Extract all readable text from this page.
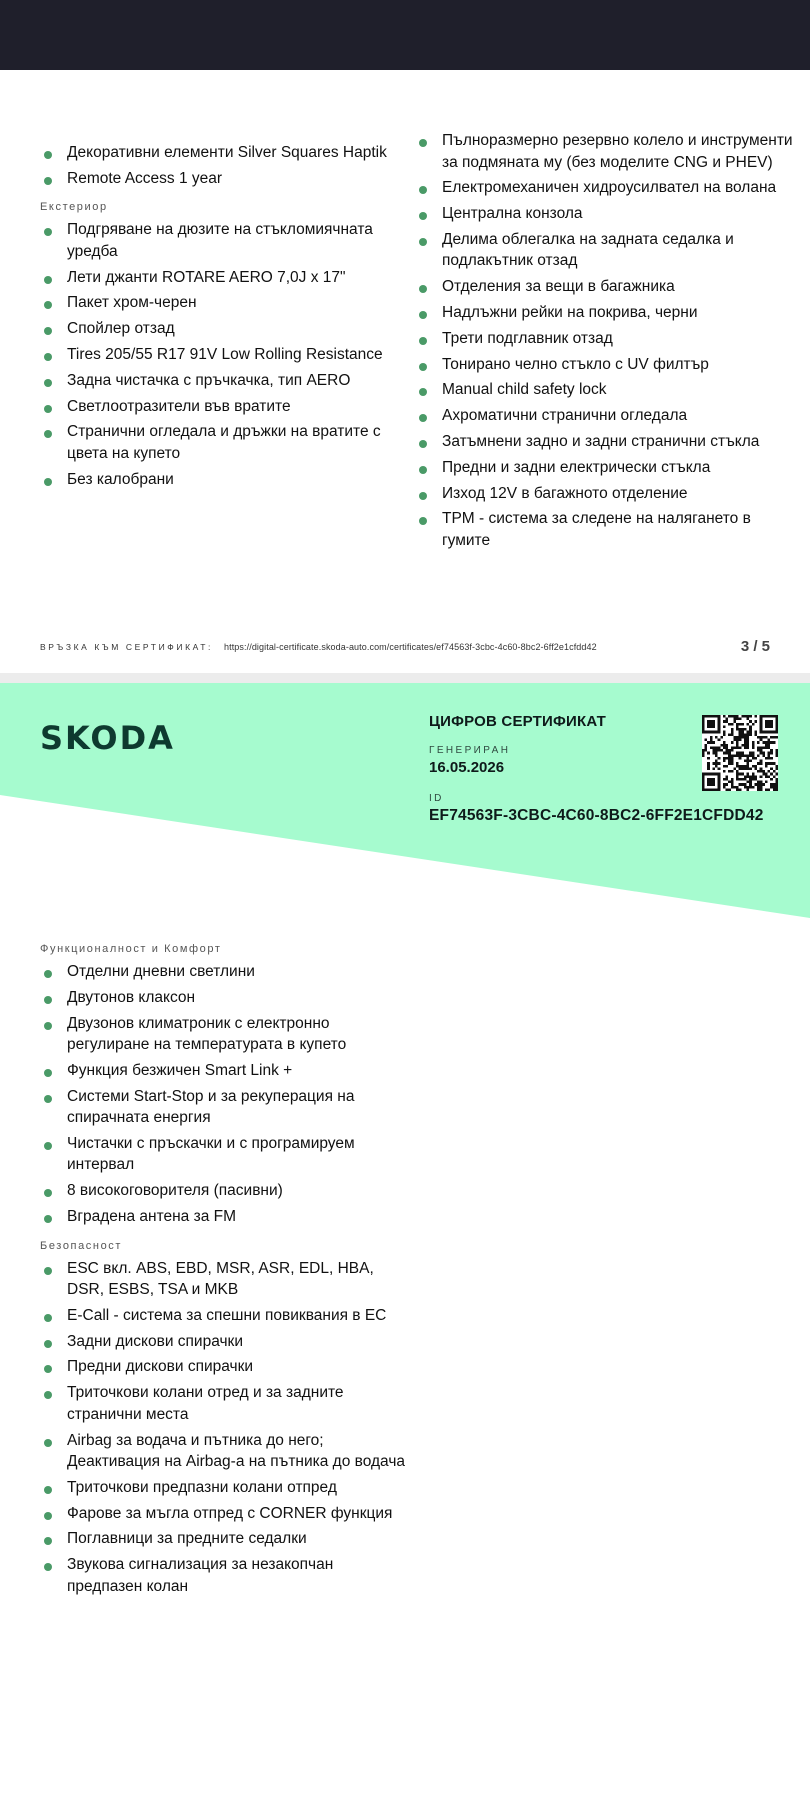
Декоративни елементи Silver Squares Haptik
Remote Access 1 year
Екстериор
Подгряване на дюзите на стъкломиячната уредба
Лети джанти ROTARE AERO 7,0J x 17"
Пакет хром-черен
Спойлер отзад
Tires 205/55 R17 91V Low Rolling Resistance
Задна чистачка с пръчкачка, тип AERO
Светлоотразители във вратите
Странични огледала и дръжки на вратите с цвета на купето
Без калобрани
Пълноразмерно резервно колело и инструменти за подмяната му (без моделите CNG и PHEV)
Електромеханичен хидроусилвател на волана
Централна конзола
Делима облегалка на задната седалка и подлакътник отзад
Отделения за вещи в багажника
Надлъжни рейки на покрива, черни
Трети подглавник отзад
Тонирано челно стъкло с UV филтър
Manual child safety lock
Ахроматични странични огледала
Затъмнени задно и задни странични стъкла
Предни и задни електрически стъкла
Изход 12V в багажното отделение
TPM - система за следене на налягането в гумите
ВРЪЗКА КЪМ СЕРТИФИКАТ: https://digital-certificate.skoda-auto.com/certificates/ef74563f-3cbc-4c60-8bc2-6ff2e1cfdd42	3 / 5
SKODA	ЦИФРОВ СЕРТИФИКАТ
ГЕНЕРИРАН
16.05.2026
ID
EF74563F-3CBC-4C60-8BC2-6FF2E1CFDD42
Функционалност и Комфорт
Отделни дневни светлини
Двутонов клаксон
Двузонов климатроник с електронно регулиране на температурата в купето
Функция безжичен Smart Link +
Системи Start-Stop и за рекуперация на спирачната енергия
Чистачки с пръскачки и с програмируем интервал
8 високоговорителя (пасивни)
Вградена антена за FM
Безопасност
ESC вкл. ABS, EBD, MSR, ASR, EDL, HBA, DSR, ESBS, TSA и MKB
E-Call - система за спешни повиквания в ЕС
Задни дискови спирачки
Предни дискови спирачки
Триточкови колани отред и за задните странични места
Airbag за водача и пътника до него; Деактивация на Airbag-а на пътника до водача
Триточкови предпазни колани отпред
Фарове за мъгла отпред с CORNER функция
Поглавници за предните седалки
Звукова сигнализация за незакопчан предпазен колан
